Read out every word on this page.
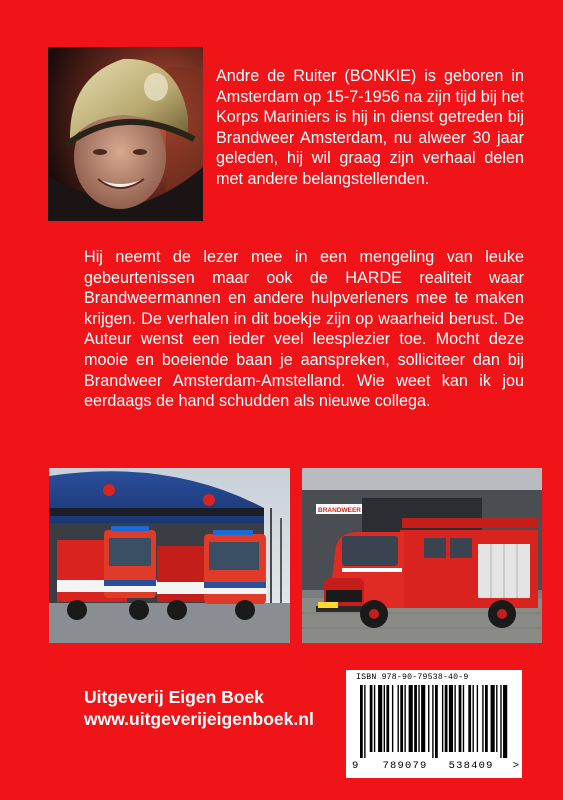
Andre de Ruiter (BONKIE) is geboren in Amsterdam op 15-7-1956 na zijn tijd bij het Korps Mariniers is hij in dienst getreden bij Brandweer Amsterdam, nu alweer 30 jaar geleden, hij wil graag zijn verhaal delen met andere belangstellenden.

Hij neemt de lezer mee in een mengeling van leuke gebeurtenissen maar ook de HARDE realiteit waar Brandweermannen en andere hulpverleners mee te maken krijgen. De verhalen in dit boekje zijn op waarheid berust. De Auteur wenst een ieder veel leesplezier toe. Mocht deze mooie en boeiende baan je aanspreken, solliciteer dan bij Brandweer Amsterdam-Amstelland. Wie weet kan ik jou eerdaags de hand schudden als nieuwe collega.

BRANDWEER
Uitgeverij Eigen Boek
www.uitgeverijeigenboek.nl
ISBN 978-90-79538-40-9
9 789079 538409 >
